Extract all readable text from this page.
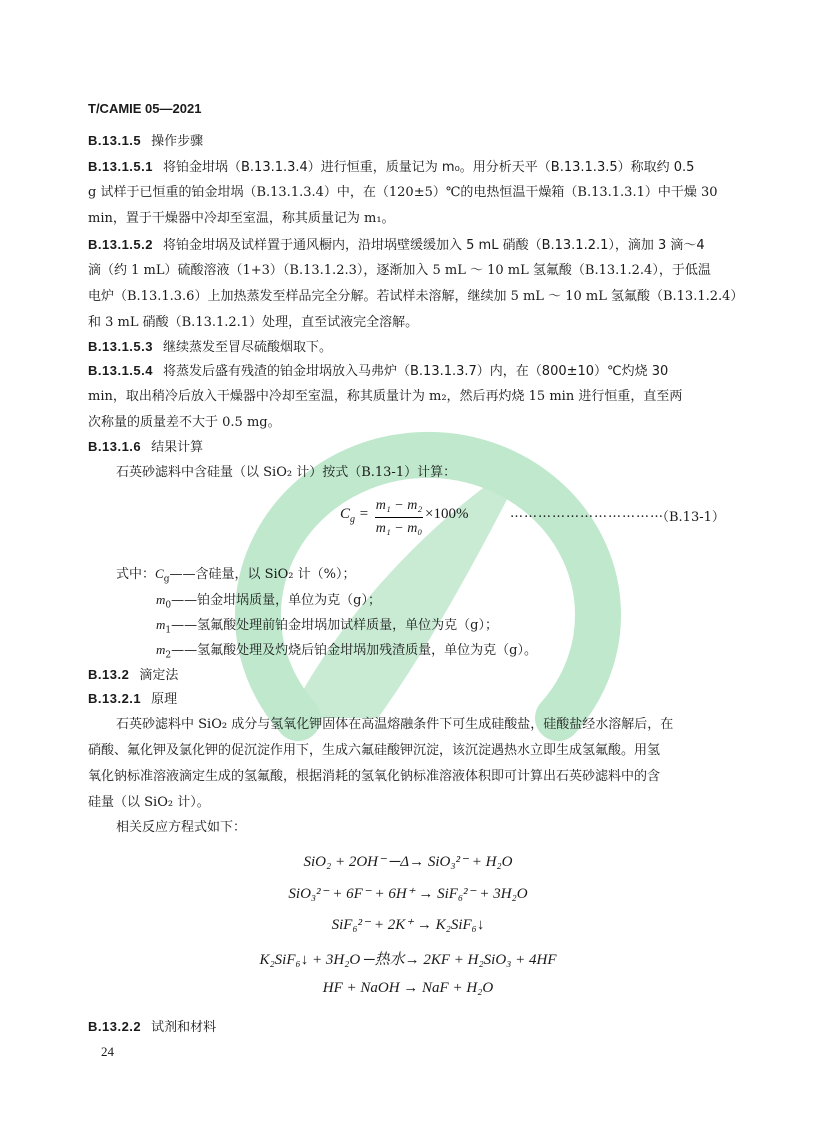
T/CAMIE 05—2021
B.13.1.5 操作步骤
B.13.1.5.1 将铂金坩埚（B.13.1.3.4）进行恒重，质量记为 m₀。用分析天平（B.13.1.3.5）称取约 0.5
g 试样于已恒重的铂金坩埚（B.13.1.3.4）中，在（120±5）℃的电热恒温干燥箱（B.13.1.3.1）中干燥 30
min，置于干燥器中冷却至室温，称其质量记为 m₁。
B.13.1.5.2 将铂金坩埚及试样置于通风橱内，沿坩埚壁缓缓加入 5 mL 硝酸（B.13.1.2.1），滴加 3 滴～4
滴（约 1 mL）硫酸溶液（1+3）（B.13.1.2.3），逐渐加入 5 mL ～ 10 mL 氢氟酸（B.13.1.2.4），于低温
电炉（B.13.1.3.6）上加热蒸发至样品完全分解。若试样未溶解，继续加 5 mL ～ 10 mL 氢氟酸（B.13.1.2.4）
和 3 mL 硝酸（B.13.1.2.1）处理，直至试液完全溶解。
B.13.1.5.3 继续蒸发至冒尽硫酸烟取下。
B.13.1.5.4 将蒸发后盛有残渣的铂金坩埚放入马弗炉（B.13.1.3.7）内，在（800±10）℃灼烧 30
min，取出稍冷后放入干燥器中冷却至室温，称其质量计为 m₂，然后再灼烧 15 min 进行恒重，直至两
次称量的质量差不大于 0.5 mg。
B.13.1.6 结果计算
石英砂滤料中含硅量（以 SiO₂ 计）按式（B.13-1）计算：
$C_g$ =
m₁ − m₂
m₁ − m₀
×100%	……………………………
（B.13-1）
式中：$C_g——$含硅量，以 SiO₂ 计（%）；
$m_0——$铂金坩埚质量，单位为克（g）；
$m_1——$氢氟酸处理前铂金坩埚加试样质量，单位为克（g）；
$m_2——$氢氟酸处理及灼烧后铂金坩埚加残渣质量，单位为克（g）。
B.13.2 滴定法
B.13.2.1 原理
石英砂滤料中 SiO₂ 成分与氢氧化钾固体在高温熔融条件下可生成硅酸盐，硅酸盐经水溶解后，在
硝酸、氟化钾及氯化钾的促沉淀作用下，生成六氟硅酸钾沉淀，该沉淀遇热水立即生成氢氟酸。用氢
氧化钠标准溶液滴定生成的氢氟酸，根据消耗的氢氧化钠标准溶液体积即可计算出石英砂滤料中的含
硅量（以 SiO₂ 计）。
相关反应方程式如下：
SiO₂ + 2OH⁻ ─Δ→ SiO₃²⁻ + H₂O
SiO₃²⁻ + 6F⁻ + 6H⁺ → SiF₆²⁻ + 3H₂O
SiF₆²⁻ + 2K⁺ → K₂SiF₆↓
K₂SiF₆↓ + 3H₂O ─热水→ 2KF + H₂SiO₃ + 4HF
HF + NaOH → NaF + H₂O
B.13.2.2 试剂和材料
24
